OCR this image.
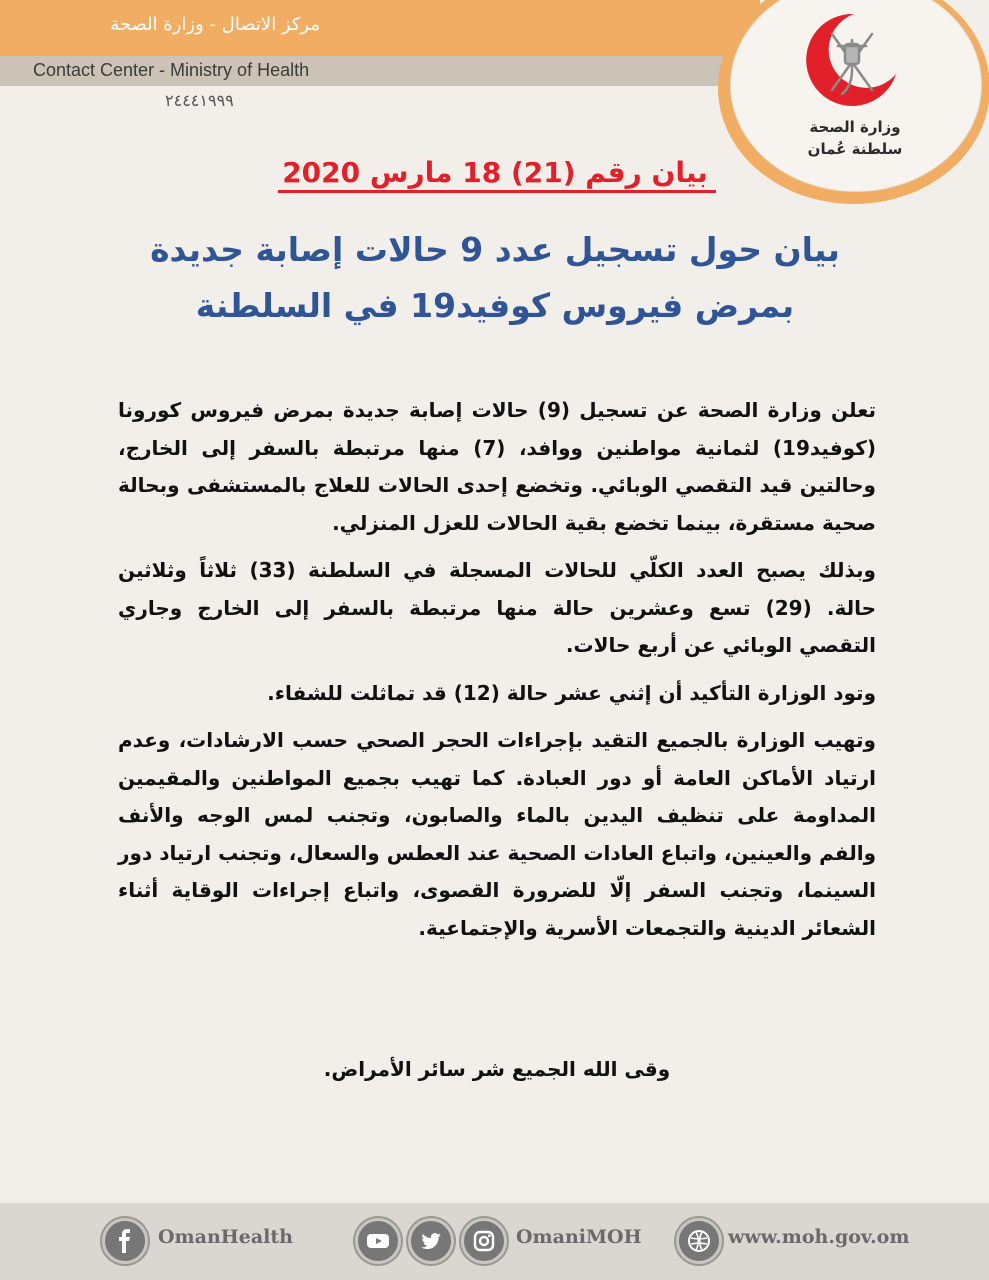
مركز الاتصال - وزارة الصحة
Contact Center - Ministry of Health
٢٤٤٤١٩٩٩
وزارة الصحة
سلطنة عُمان
بيان رقم (21) 18 مارس 2020
بيان حول تسجيل عدد 9 حالات إصابة جديدة بمرض فيروس كوفيد19 في السلطنة

تعلن وزارة الصحة عن تسجيل (9) حالات إصابة جديدة بمرض فيروس كورونا (كوفيد19) لثمانية مواطنين ووافد، (7) منها مرتبطة بالسفر إلى الخارج، وحالتين قيد التقصي الوبائي. وتخضع إحدى الحالات للعلاج بالمستشفى وبحالة صحية مستقرة، بينما تخضع بقية الحالات للعزل المنزلي.

وبذلك يصبح العدد الكلّي للحالات المسجلة في السلطنة (33) ثلاثاً وثلاثين حالة. (29) تسع وعشرين حالة منها مرتبطة بالسفر إلى الخارج وجاري التقصي الوبائي عن أربع حالات.

وتود الوزارة التأكيد أن إثني عشر حالة (12) قد تماثلت للشفاء.

وتهيب الوزارة بالجميع التقيد بإجراءات الحجر الصحي حسب الارشادات، وعدم ارتياد الأماكن العامة أو دور العبادة. كما تهيب بجميع المواطنين والمقيمين المداومة على تنظيف اليدين بالماء والصابون، وتجنب لمس الوجه والأنف والفم والعينين، واتباع العادات الصحية عند العطس والسعال، وتجنب ارتياد دور السينما، وتجنب السفر إلّا للضرورة القصوى، واتباع إجراءات الوقاية أثناء الشعائر الدينية والتجمعات الأسرية والإجتماعية.

وقى الله الجميع شر سائر الأمراض.
OmanHealth	OmaniMOH	www.moh.gov.om
